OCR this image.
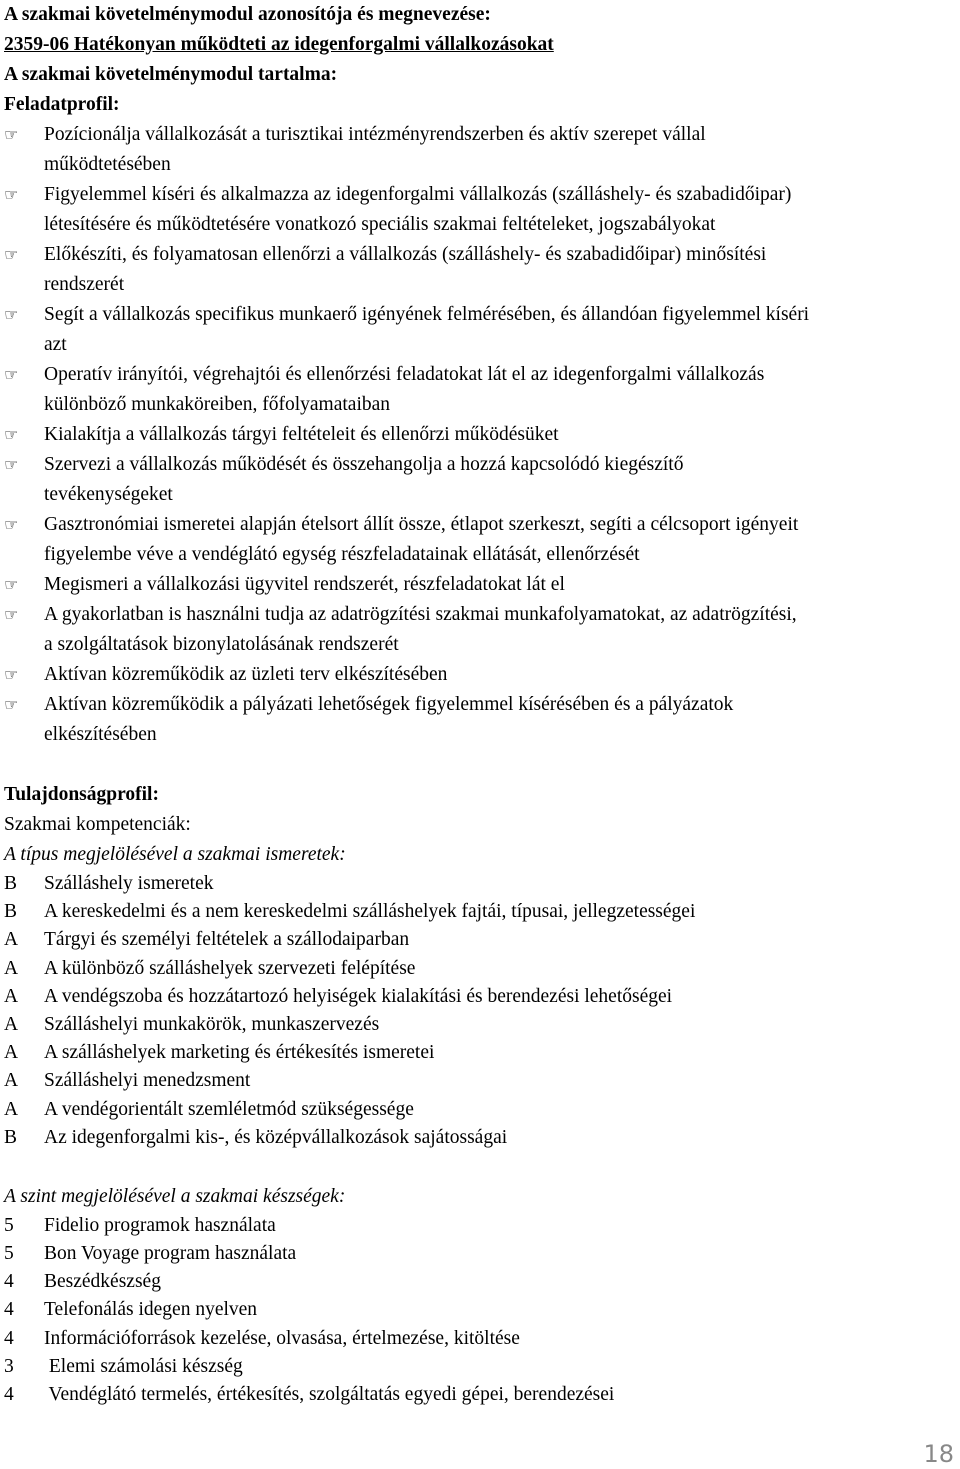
A szakmai követelménymodul azonosítója és megnevezése:
2359-06 Hatékonyan működteti az idegenforgalmi vállalkozásokat
A szakmai követelménymodul tartalma:
Feladatprofil:
☞	Pozícionálja vállalkozását a turisztikai intézményrendszerben és aktív szerepet vállal
működtetésében
☞	Figyelemmel kíséri és alkalmazza az idegenforgalmi vállalkozás (szálláshely- és szabadidőipar)
létesítésére és működtetésére vonatkozó speciális szakmai feltételeket, jogszabályokat
☞	Előkészíti, és folyamatosan ellenőrzi a vállalkozás (szálláshely- és szabadidőipar) minősítési
rendszerét
☞	Segít a vállalkozás specifikus munkaerő igényének felmérésében, és állandóan figyelemmel kíséri
azt
☞	Operatív irányítói, végrehajtói és ellenőrzési feladatokat lát el az idegenforgalmi vállalkozás
különböző munkaköreiben, főfolyamataiban
☞	Kialakítja a vállalkozás tárgyi feltételeit és ellenőrzi működésüket
☞	Szervezi a vállalkozás működését és összehangolja a hozzá kapcsolódó kiegészítő
tevékenységeket
☞	Gasztronómiai ismeretei alapján ételsort állít össze, étlapot szerkeszt, segíti a célcsoport igényeit
figyelembe véve a vendéglátó egység részfeladatainak ellátását, ellenőrzését
☞	Megismeri a vállalkozási ügyvitel rendszerét, részfeladatokat lát el
☞	A gyakorlatban is használni tudja az adatrögzítési szakmai munkafolyamatokat, az adatrögzítési,
a szolgáltatások bizonylatolásának rendszerét
☞	Aktívan közreműködik az üzleti terv elkészítésében
☞	Aktívan közreműködik a pályázati lehetőségek figyelemmel kísérésében és a pályázatok
elkészítésében
Tulajdonságprofil:
Szakmai kompetenciák:
A típus megjelölésével a szakmai ismeretek:
B	Szálláshely ismeretek
B	A kereskedelmi és a nem kereskedelmi szálláshelyek fajtái, típusai, jellegzetességei
A	Tárgyi és személyi feltételek a szállodaiparban
A	A különböző szálláshelyek szervezeti felépítése
A	A vendégszoba és hozzátartozó helyiségek kialakítási és berendezési lehetőségei
A	Szálláshelyi munkakörök, munkaszervezés
A	A szálláshelyek marketing és értékesítés ismeretei
A	Szálláshelyi menedzsment
A	A vendégorientált szemléletmód szükségessége
B	Az idegenforgalmi kis-, és középvállalkozások sajátosságai
A szint megjelölésével a szakmai készségek:
5	Fidelio programok használata
5	Bon Voyage program használata
4	Beszédkészség
4	Telefonálás idegen nyelven
4	Információforrások kezelése, olvasása, értelmezése, kitöltése
3	Elemi számolási készség
4	Vendéglátó termelés, értékesítés, szolgáltatás egyedi gépei, berendezései
18
